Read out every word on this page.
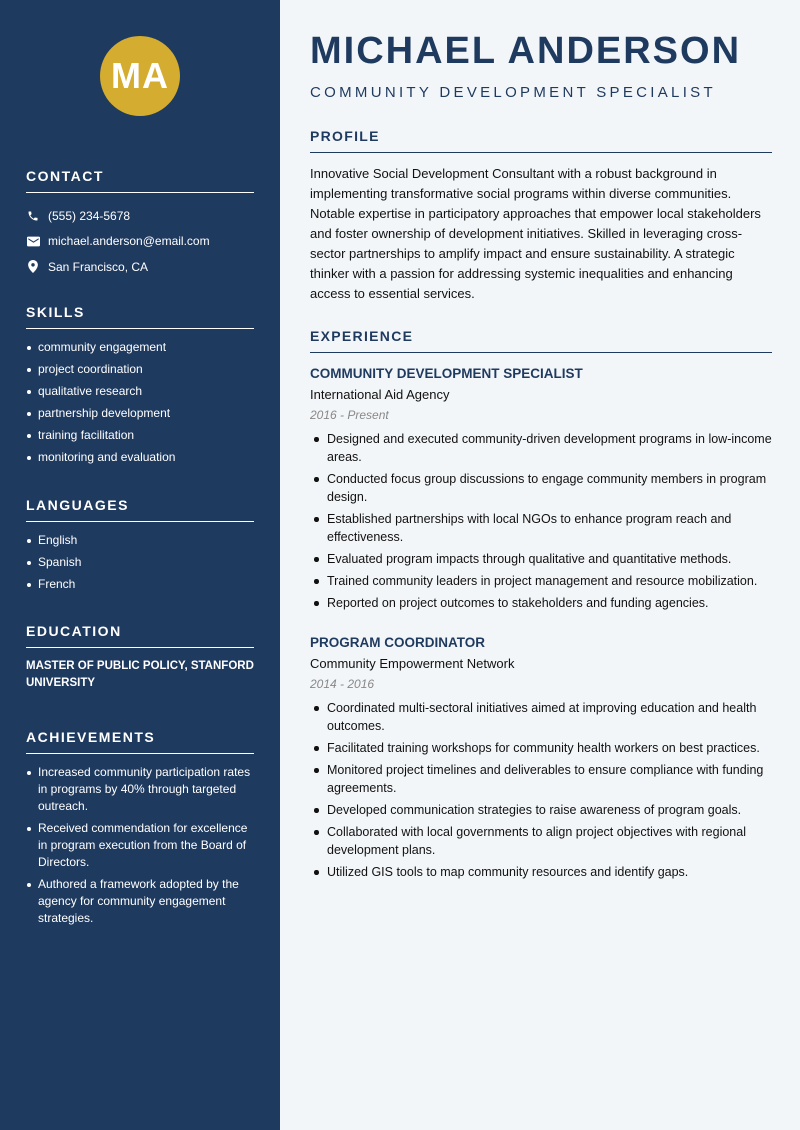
MA
CONTACT
(555) 234-5678
michael.anderson@email.com
San Francisco, CA
SKILLS
community engagement
project coordination
qualitative research
partnership development
training facilitation
monitoring and evaluation
LANGUAGES
English
Spanish
French
EDUCATION
MASTER OF PUBLIC POLICY, STANFORD UNIVERSITY
ACHIEVEMENTS
Increased community participation rates in programs by 40% through targeted outreach.
Received commendation for excellence in program execution from the Board of Directors.
Authored a framework adopted by the agency for community engagement strategies.
MICHAEL ANDERSON
COMMUNITY DEVELOPMENT SPECIALIST
PROFILE
Innovative Social Development Consultant with a robust background in implementing transformative social programs within diverse communities. Notable expertise in participatory approaches that empower local stakeholders and foster ownership of development initiatives. Skilled in leveraging cross-sector partnerships to amplify impact and ensure sustainability. A strategic thinker with a passion for addressing systemic inequalities and enhancing access to essential services.
EXPERIENCE
COMMUNITY DEVELOPMENT SPECIALIST
International Aid Agency
2016 - Present
Designed and executed community-driven development programs in low-income areas.
Conducted focus group discussions to engage community members in program design.
Established partnerships with local NGOs to enhance program reach and effectiveness.
Evaluated program impacts through qualitative and quantitative methods.
Trained community leaders in project management and resource mobilization.
Reported on project outcomes to stakeholders and funding agencies.
PROGRAM COORDINATOR
Community Empowerment Network
2014 - 2016
Coordinated multi-sectoral initiatives aimed at improving education and health outcomes.
Facilitated training workshops for community health workers on best practices.
Monitored project timelines and deliverables to ensure compliance with funding agreements.
Developed communication strategies to raise awareness of program goals.
Collaborated with local governments to align project objectives with regional development plans.
Utilized GIS tools to map community resources and identify gaps.
